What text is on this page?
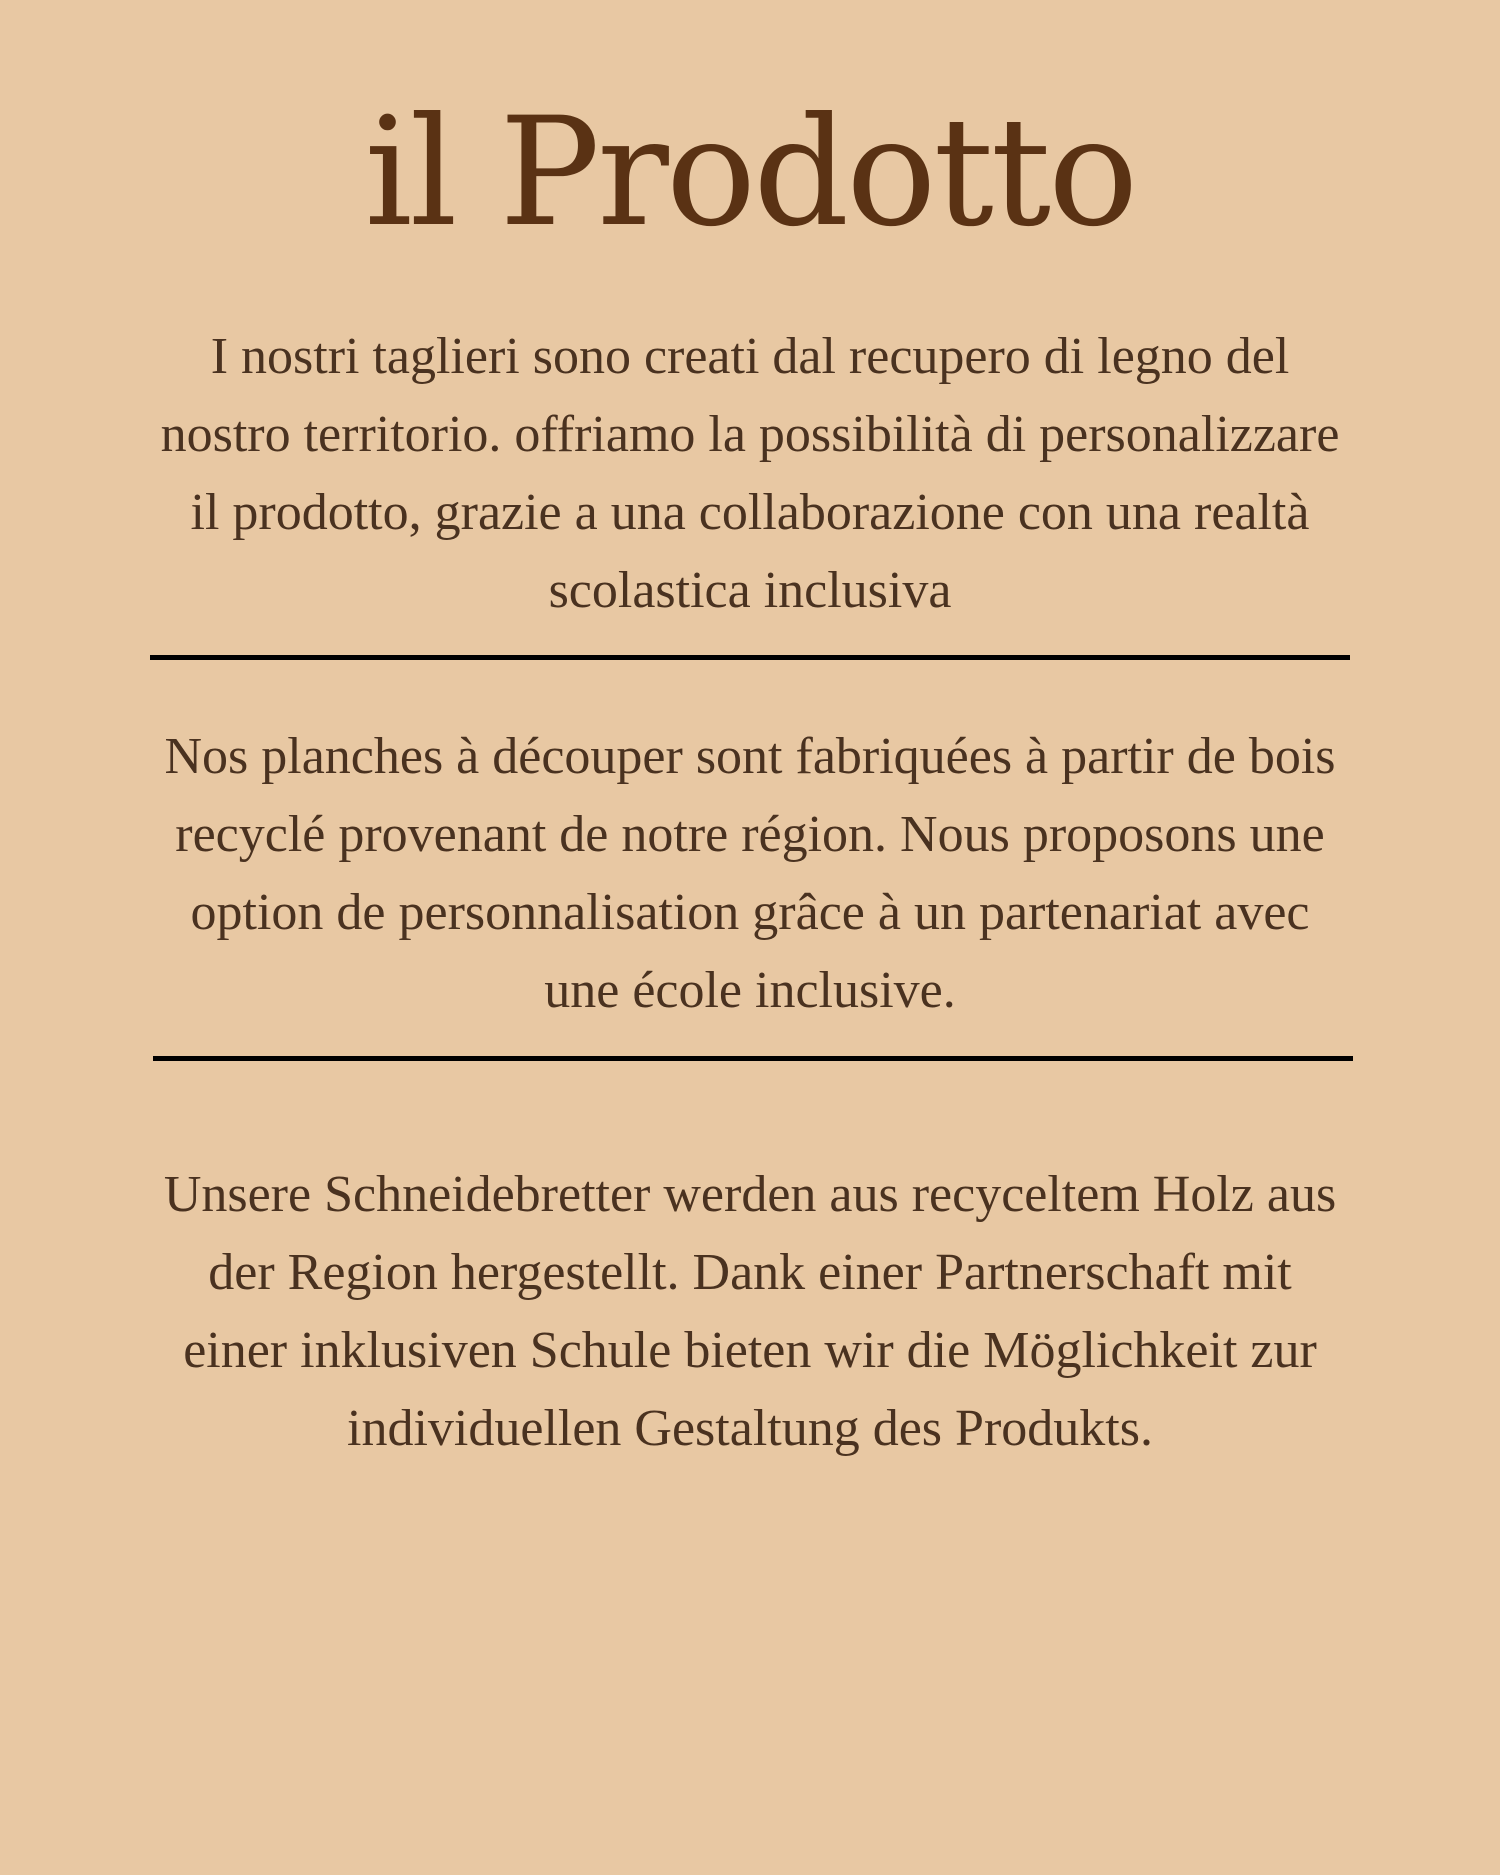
il Prodotto

I nostri taglieri sono creati dal recupero di legno del nostro territorio. offriamo la possibilità di personalizzare il prodotto, grazie a una collaborazione con una realtà scolastica inclusiva

Nos planches à découper sont fabriquées à partir de bois recyclé provenant de notre région. Nous proposons une option de personnalisation grâce à un partenariat avec une école inclusive.

Unsere Schneidebretter werden aus recyceltem Holz aus der Region hergestellt. Dank einer Partnerschaft mit einer inklusiven Schule bieten wir die Möglichkeit zur individuellen Gestaltung des Produkts.
